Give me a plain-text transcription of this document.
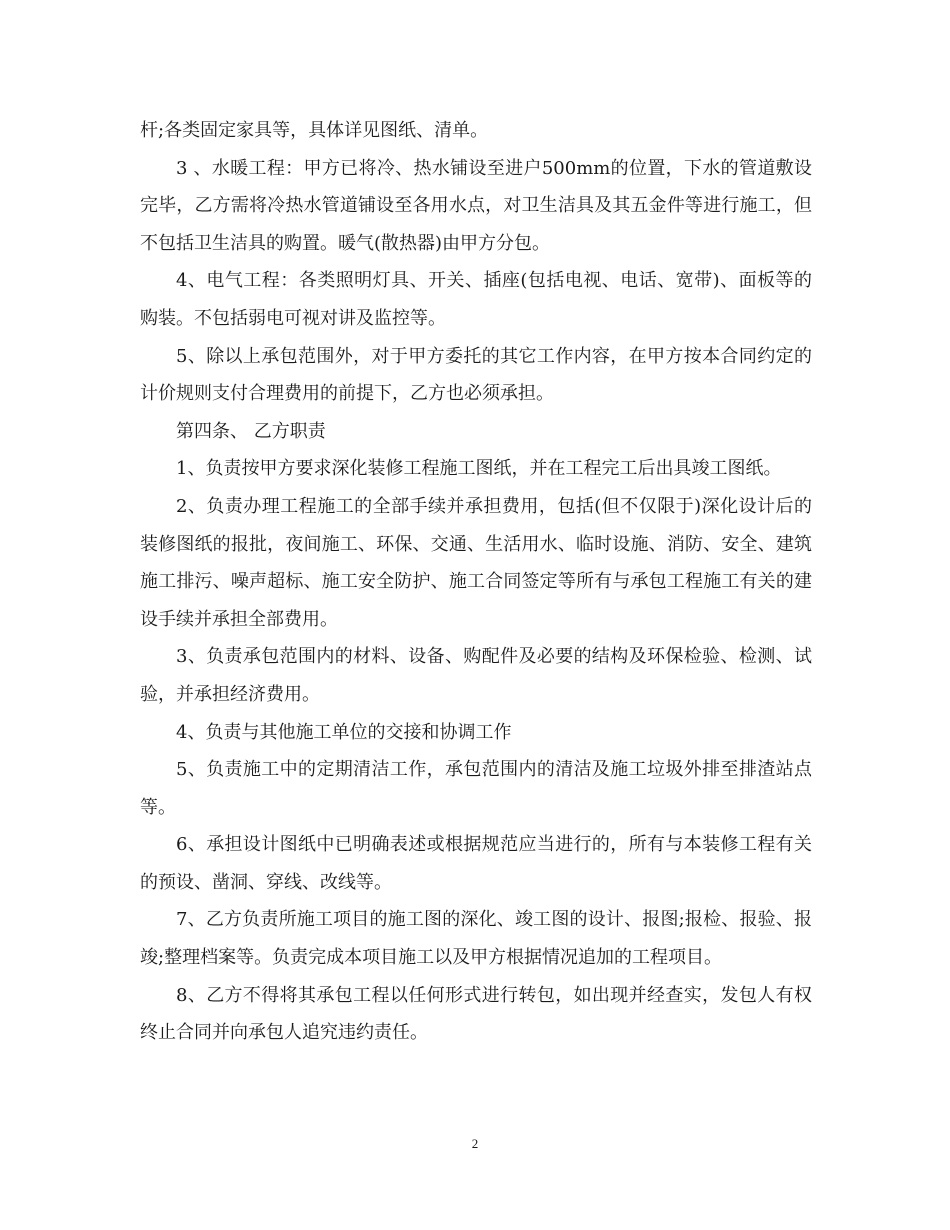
杆;各类固定家具等，具体详见图纸、清单。

3 、水暖工程：甲方已将冷、热水铺设至进户500mm的位置，下水的管道敷设完毕，乙方需将冷热水管道铺设至各用水点，对卫生洁具及其五金件等进行施工，但不包括卫生洁具的购置。暖气(散热器)由甲方分包。

4、电气工程：各类照明灯具、开关、插座(包括电视、电话、宽带)、面板等的购装。不包括弱电可视对讲及监控等。

5、除以上承包范围外，对于甲方委托的其它工作内容，在甲方按本合同约定的计价规则支付合理费用的前提下，乙方也必须承担。

第四条、 乙方职责

1、负责按甲方要求深化装修工程施工图纸，并在工程完工后出具竣工图纸。

2、负责办理工程施工的全部手续并承担费用，包括(但不仅限于)深化设计后的装修图纸的报批，夜间施工、环保、交通、生活用水、临时设施、消防、安全、建筑施工排污、噪声超标、施工安全防护、施工合同签定等所有与承包工程施工有关的建设手续并承担全部费用。

3、负责承包范围内的材料、设备、购配件及必要的结构及环保检验、检测、试验，并承担经济费用。

4、负责与其他施工单位的交接和协调工作

5、负责施工中的定期清洁工作，承包范围内的清洁及施工垃圾外排至排渣站点等。

6、承担设计图纸中已明确表述或根据规范应当进行的，所有与本装修工程有关的预设、凿洞、穿线、改线等。

7、乙方负责所施工项目的施工图的深化、竣工图的设计、报图;报检、报验、报竣;整理档案等。负责完成本项目施工以及甲方根据情况追加的工程项目。

8、乙方不得将其承包工程以任何形式进行转包，如出现并经查实，发包人有权终止合同并向承包人追究违约责任。

2
